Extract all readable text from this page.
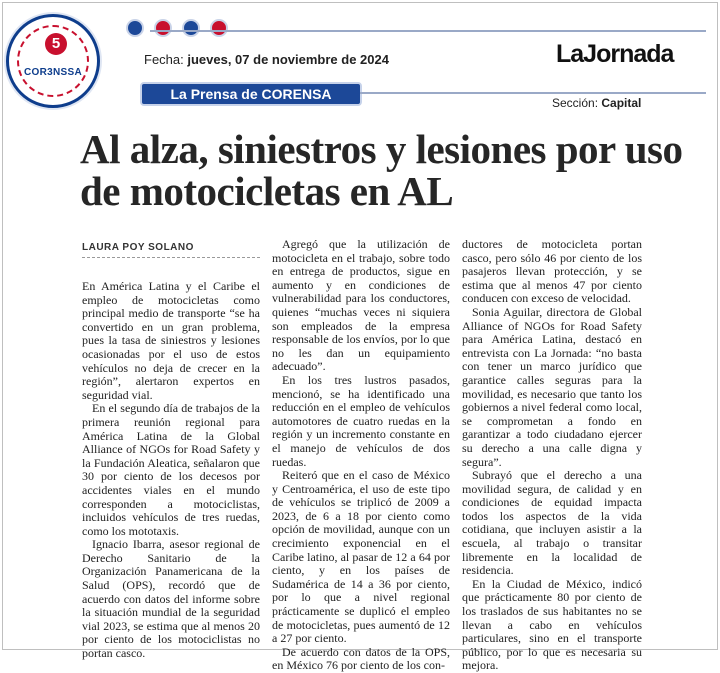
5
COR3NSSA
Fecha: jueves, 07 de noviembre de 2024	LaJornada
La Prensa de CORENSA
Sección: Capital
Al alza, siniestros y lesiones por uso de motocicletas en AL
LAURA POY SOLANO

En América Latina y el Caribe el empleo de motocicletas como principal medio de transporte “se ha convertido en un gran problema, pues la tasa de siniestros y lesiones ocasionadas por el uso de estos vehículos no deja de crecer en la región”, alertaron expertos en seguridad vial.

En el segundo día de trabajos de la primera reunión regional para América Latina de la Global Alliance of NGOs for Road Safety y la Fundación Aleatica, señalaron que 30 por ciento de los decesos por accidentes viales en el mundo corresponden a motociclistas, incluidos vehículos de tres ruedas, como los mototaxis.

Ignacio Ibarra, asesor regional de Derecho Sanitario de la Organización Panamericana de la Salud (OPS), recordó que de acuerdo con datos del informe sobre la situación mundial de la seguridad vial 2023, se estima que al menos 20 por ciento de los motociclistas no portan casco.

Agregó que la utilización de motocicleta en el trabajo, sobre todo en entrega de productos, sigue en aumento y en condiciones de vulnerabilidad para los conductores, quienes “muchas veces ni siquiera son empleados de la empresa responsable de los envíos, por lo que no les dan un equipamiento adecuado”.

En los tres lustros pasados, mencionó, se ha identificado una reducción en el empleo de vehículos automotores de cuatro ruedas en la región y un incremento constante en el manejo de vehículos de dos ruedas.

Reiteró que en el caso de México y Centroamérica, el uso de este tipo de vehículos se triplicó de 2009 a 2023, de 6 a 18 por ciento como opción de movilidad, aunque con un crecimiento exponencial en el Caribe latino, al pasar de 12 a 64 por ciento, y en los países de Sudamérica de 14 a 36 por ciento, por lo que a nivel regional prácticamente se duplicó el empleo de motocicletas, pues aumentó de 12 a 27 por ciento.

De acuerdo con datos de la OPS, en México 76 por ciento de los con-

ductores de motocicleta portan casco, pero sólo 46 por ciento de los pasajeros llevan protección, y se estima que al menos 47 por ciento conducen con exceso de velocidad.

Sonia Aguilar, directora de Global Alliance of NGOs for Road Safety para América Latina, destacó en entrevista con La Jornada: “no basta con tener un marco jurídico que garantice calles seguras para la movilidad, es necesario que tanto los gobiernos a nivel federal como local, se comprometan a fondo en garantizar a todo ciudadano ejercer su derecho a una calle digna y segura”.

Subrayó que el derecho a una movilidad segura, de calidad y en condiciones de equidad impacta todos los aspectos de la vida cotidiana, que incluyen asistir a la escuela, al trabajo o transitar libremente en la localidad de residencia.

En la Ciudad de México, indicó que prácticamente 80 por ciento de los traslados de sus habitantes no se llevan a cabo en vehículos particulares, sino en el transporte público, por lo que es necesaria su mejora.
